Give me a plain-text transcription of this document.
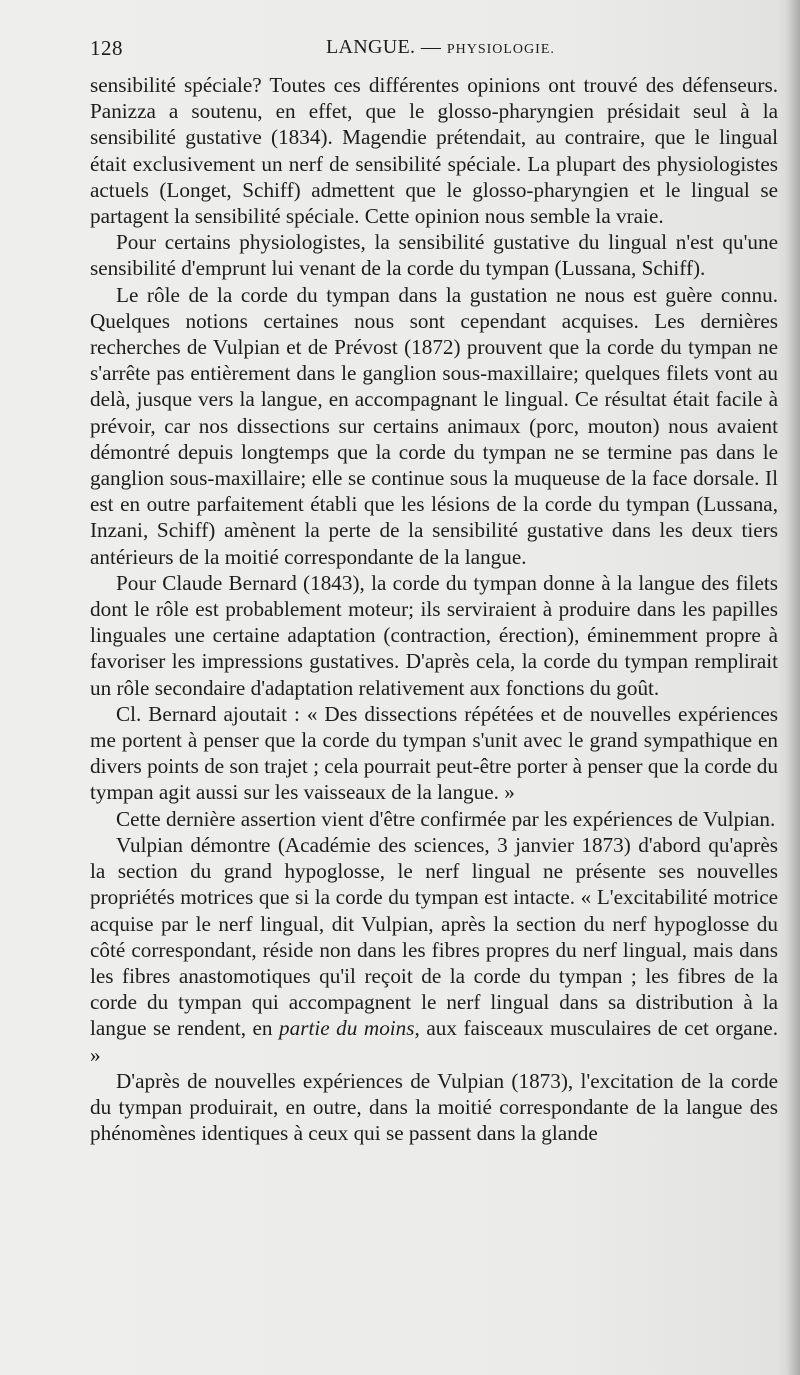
128	LANGUE. — PHYSIOLOGIE.

sensibilité spéciale? Toutes ces différentes opinions ont trouvé des défenseurs. Panizza a soutenu, en effet, que le glosso-pharyngien présidait seul à la sensibilité gustative (1834). Magendie prétendait, au contraire, que le lingual était exclusivement un nerf de sensibilité spéciale. La plupart des physiologistes actuels (Longet, Schiff) admettent que le glosso-pharyngien et le lingual se partagent la sensibilité spéciale. Cette opinion nous semble la vraie.

Pour certains physiologistes, la sensibilité gustative du lingual n'est qu'une sensibilité d'emprunt lui venant de la corde du tympan (Lussana, Schiff).

Le rôle de la corde du tympan dans la gustation ne nous est guère connu. Quelques notions certaines nous sont cependant acquises. Les dernières recherches de Vulpian et de Prévost (1872) prouvent que la corde du tympan ne s'arrête pas entièrement dans le ganglion sous-maxillaire; quelques filets vont au delà, jusque vers la langue, en accompagnant le lingual. Ce résultat était facile à prévoir, car nos dissections sur certains animaux (porc, mouton) nous avaient démontré depuis longtemps que la corde du tympan ne se termine pas dans le ganglion sous-maxillaire; elle se continue sous la muqueuse de la face dorsale. Il est en outre parfaitement établi que les lésions de la corde du tympan (Lussana, Inzani, Schiff) amènent la perte de la sensibilité gustative dans les deux tiers antérieurs de la moitié correspondante de la langue.

Pour Claude Bernard (1843), la corde du tympan donne à la langue des filets dont le rôle est probablement moteur; ils serviraient à produire dans les papilles linguales une certaine adaptation (contraction, érection), éminemment propre à favoriser les impressions gustatives. D'après cela, la corde du tympan remplirait un rôle secondaire d'adaptation relativement aux fonctions du goût.

Cl. Bernard ajoutait : « Des dissections répétées et de nouvelles expériences me portent à penser que la corde du tympan s'unit avec le grand sympathique en divers points de son trajet ; cela pourrait peut-être porter à penser que la corde du tympan agit aussi sur les vaisseaux de la langue. »

Cette dernière assertion vient d'être confirmée par les expériences de Vulpian.

Vulpian démontre (Académie des sciences, 3 janvier 1873) d'abord qu'après la section du grand hypoglosse, le nerf lingual ne présente ses nouvelles propriétés motrices que si la corde du tympan est intacte. « L'excitabilité motrice acquise par le nerf lingual, dit Vulpian, après la section du nerf hypoglosse du côté correspondant, réside non dans les fibres propres du nerf lingual, mais dans les fibres anastomotiques qu'il reçoit de la corde du tympan ; les fibres de la corde du tympan qui accompagnent le nerf lingual dans sa distribution à la langue se rendent, en partie du moins, aux faisceaux musculaires de cet organe. »

D'après de nouvelles expériences de Vulpian (1873), l'excitation de la corde du tympan produirait, en outre, dans la moitié correspondante de la langue des phénomènes identiques à ceux qui se passent dans la glande
